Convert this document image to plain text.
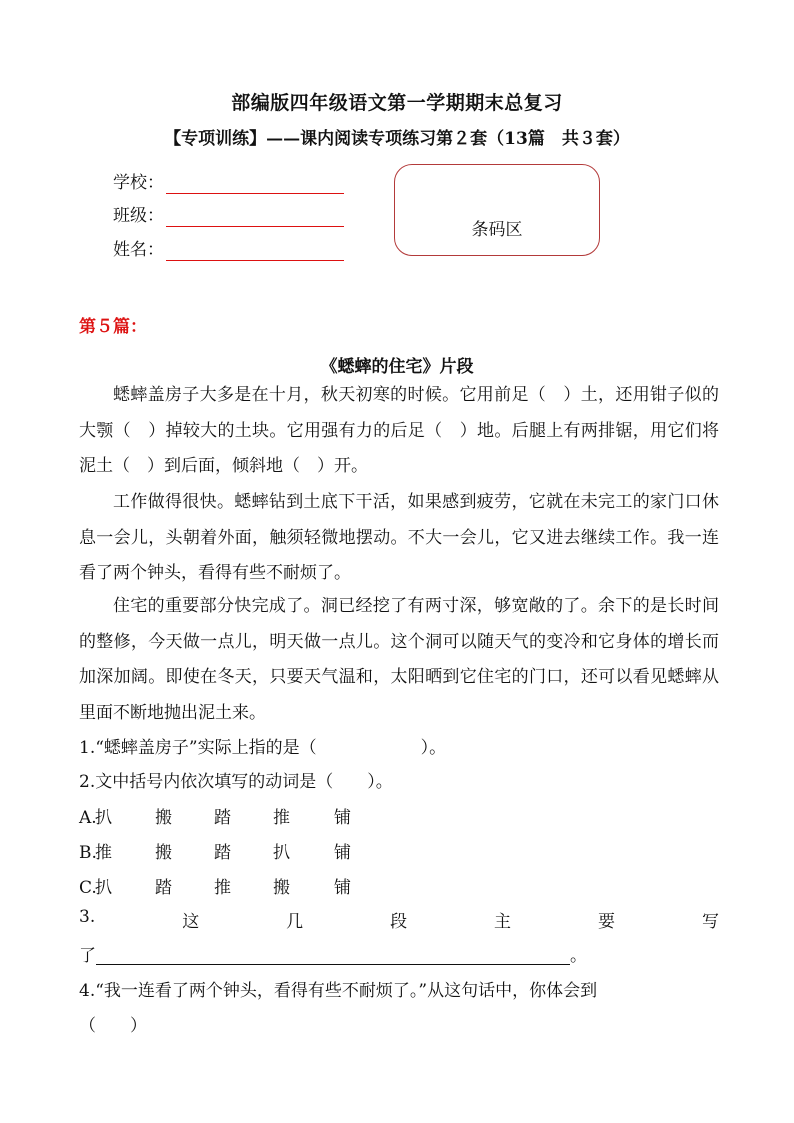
部编版四年级语文第一学期期末总复习
【专项训练】——课内阅读专项练习第２套（13篇　共３套）
学校：
班级：
姓名：
条码区
第５篇：
《蟋蟀的住宅》片段

蟋蟀盖房子大多是在十月，秋天初寒的时候。它用前足（　）土，还用钳子似的大颚（　）掉较大的土块。它用强有力的后足（　）地。后腿上有两排锯，用它们将泥土（　）到后面，倾斜地（　）开。

工作做得很快。蟋蟀钻到土底下干活，如果感到疲劳，它就在未完工的家门口休息一会儿，头朝着外面，触须轻微地摆动。不大一会儿，它又进去继续工作。我一连看了两个钟头，看得有些不耐烦了。

住宅的重要部分快完成了。洞已经挖了有两寸深，够宽敞的了。余下的是长时间的整修，今天做一点儿，明天做一点儿。这个洞可以随天气的变冷和它身体的增长而加深加阔。即使在冬天，只要天气温和，太阳晒到它住宅的门口，还可以看见蟋蟀从里面不断地抛出泥土来。

1.“蟋蟀盖房子”实际上指的是（	）。
2.文中括号内依次填写的动词是（　　）。
A.扒	搬 踏 推	铺
B.推	搬 踏 扒	铺
C.扒	踏 推 搬	铺
3.	这	几	段	主	要	写
了	。
4.“我一连看了两个钟头，看得有些不耐烦了。”从这句话中，你体会到
（　　）
